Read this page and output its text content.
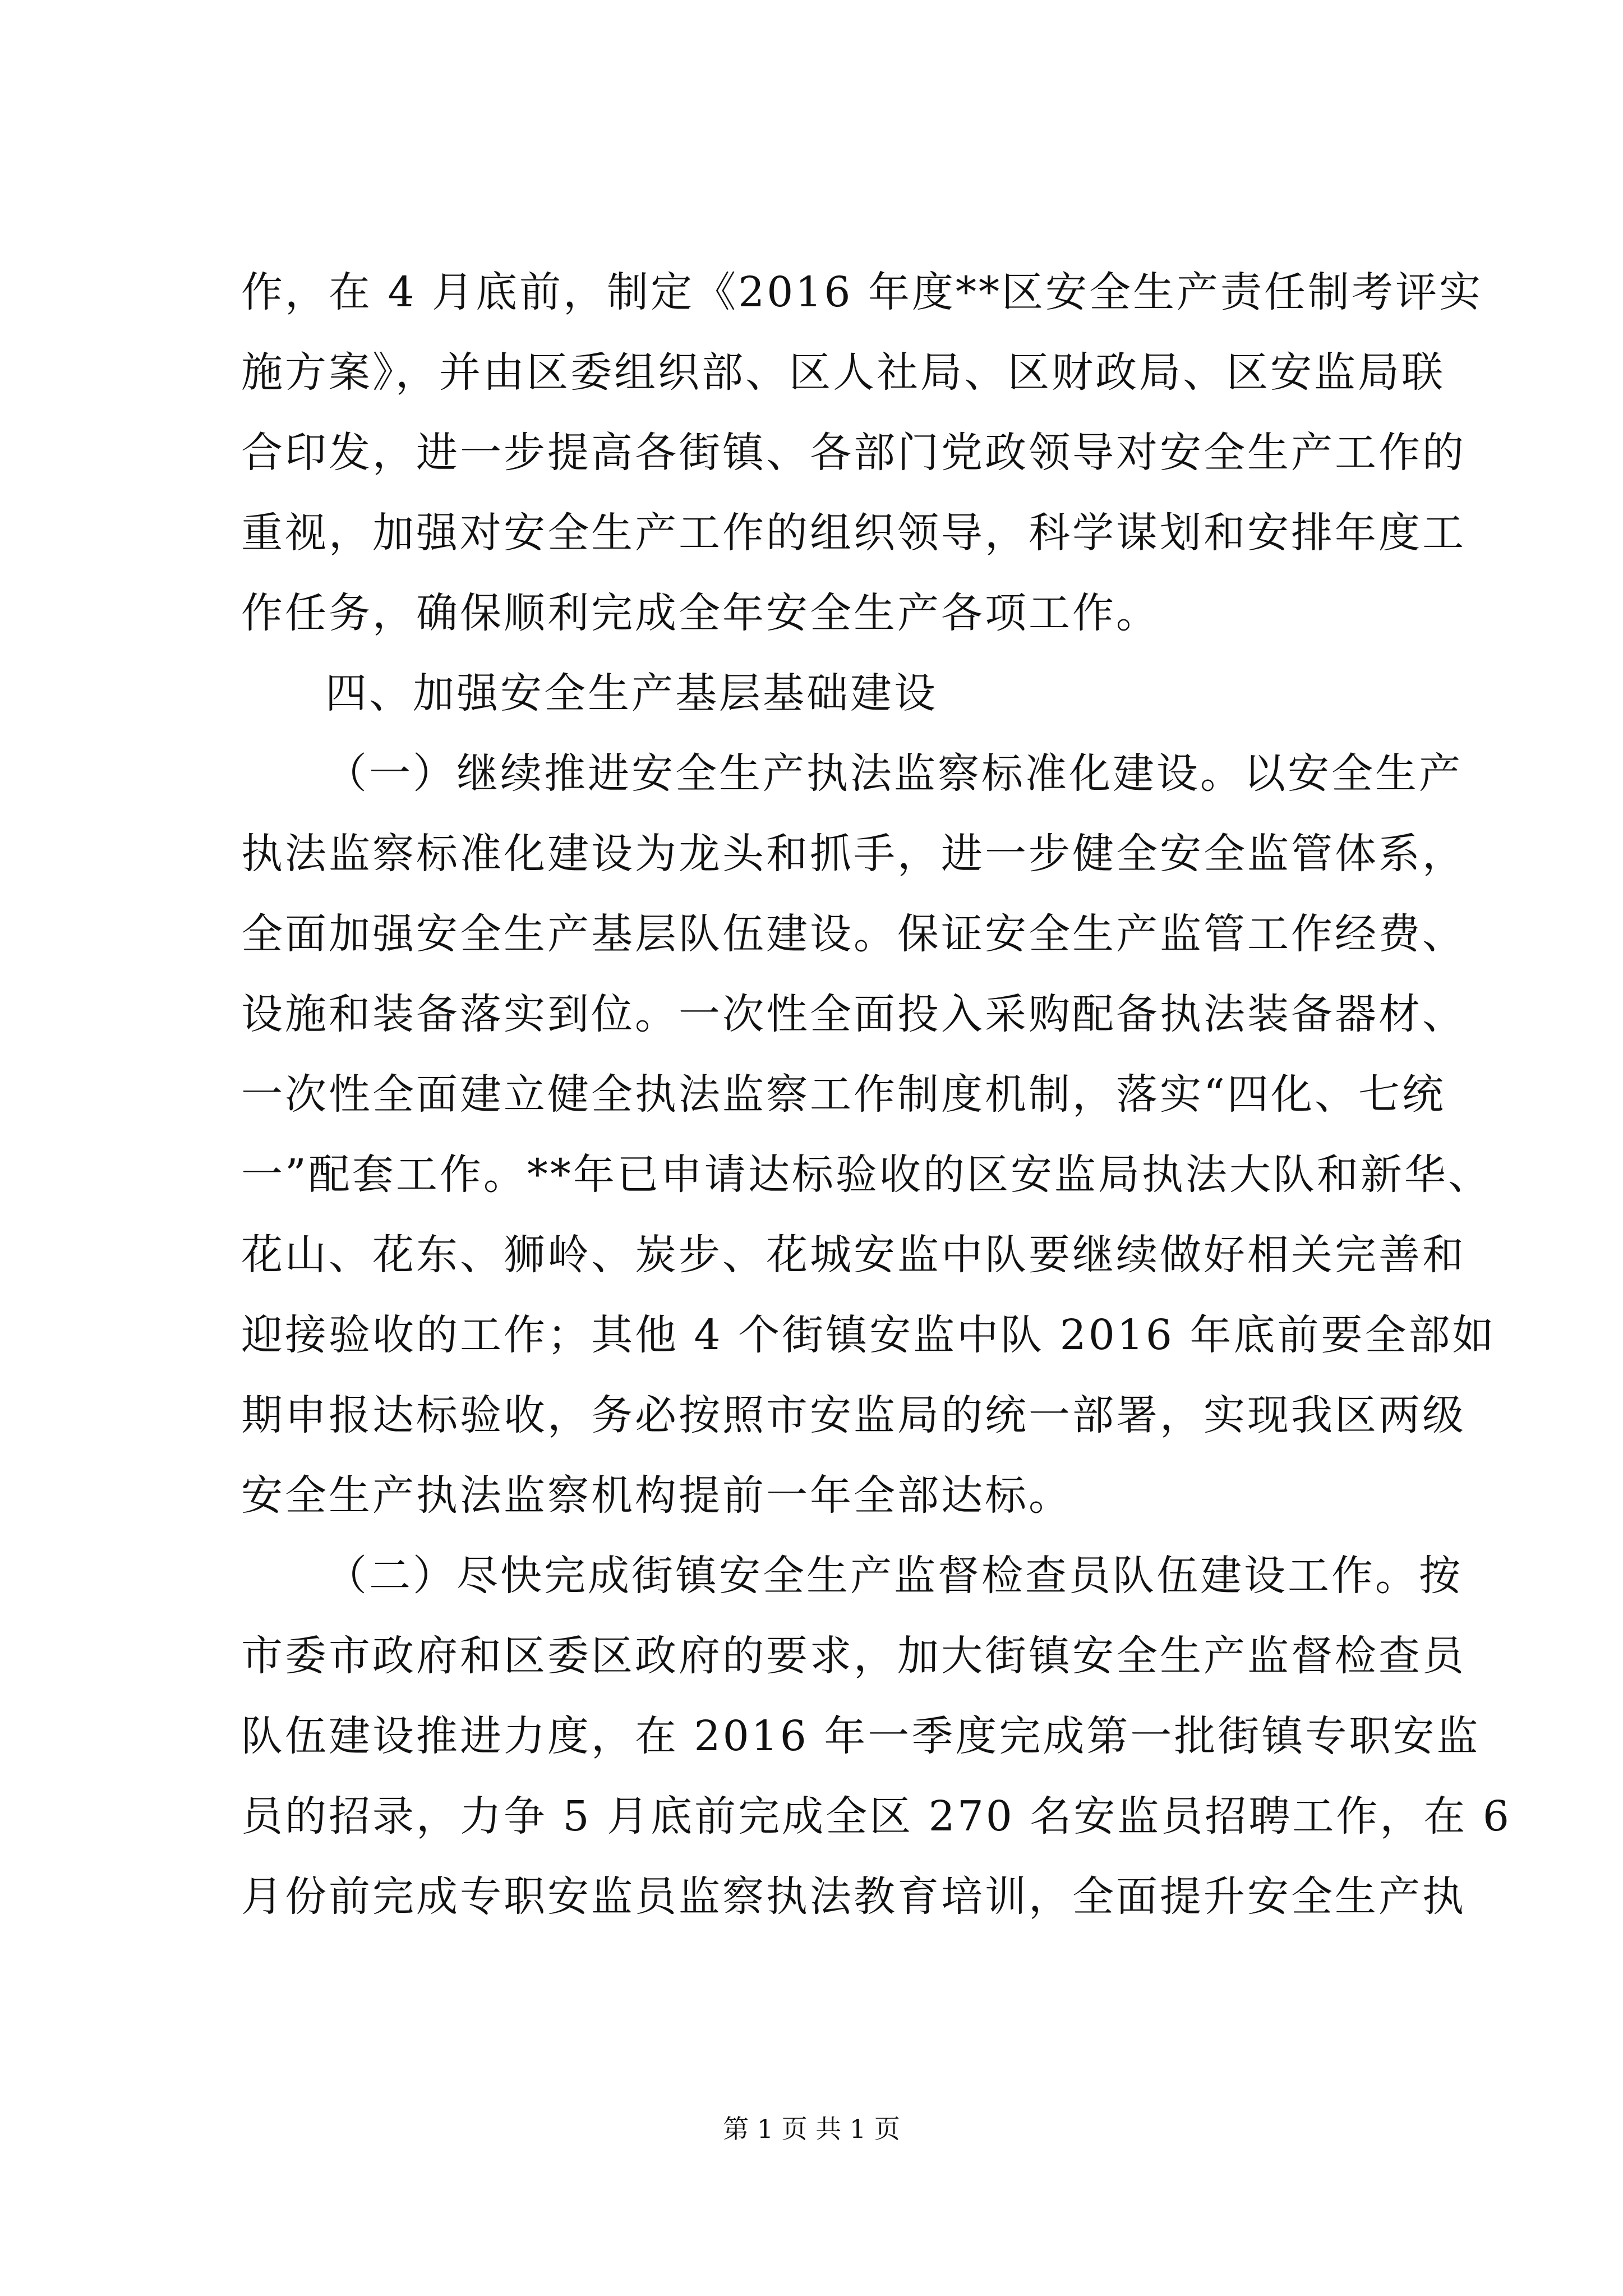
作，在 4 月底前，制定《2016 年度**区安全生产责任制考评实
施方案》，并由区委组织部、区人社局、区财政局、区安监局联
合印发，进一步提高各街镇、各部门党政领导对安全生产工作的
重视，加强对安全生产工作的组织领导，科学谋划和安排年度工
作任务，确保顺利完成全年安全生产各项工作。
四、加强安全生产基层基础建设
（一）继续推进安全生产执法监察标准化建设。以安全生产
执法监察标准化建设为龙头和抓手，进一步健全安全监管体系，
全面加强安全生产基层队伍建设。保证安全生产监管工作经费、
设施和装备落实到位。一次性全面投入采购配备执法装备器材、
一次性全面建立健全执法监察工作制度机制，落实“四化、七统
一”配套工作。**年已申请达标验收的区安监局执法大队和新华、
花山、花东、狮岭、炭步、花城安监中队要继续做好相关完善和
迎接验收的工作；其他 4 个街镇安监中队 2016 年底前要全部如
期申报达标验收，务必按照市安监局的统一部署，实现我区两级
安全生产执法监察机构提前一年全部达标。
（二）尽快完成街镇安全生产监督检查员队伍建设工作。按
市委市政府和区委区政府的要求，加大街镇安全生产监督检查员
队伍建设推进力度，在 2016 年一季度完成第一批街镇专职安监
员的招录，力争 5 月底前完成全区 270 名安监员招聘工作，在 6
月份前完成专职安监员监察执法教育培训，全面提升安全生产执
第 1 页 共 1 页
